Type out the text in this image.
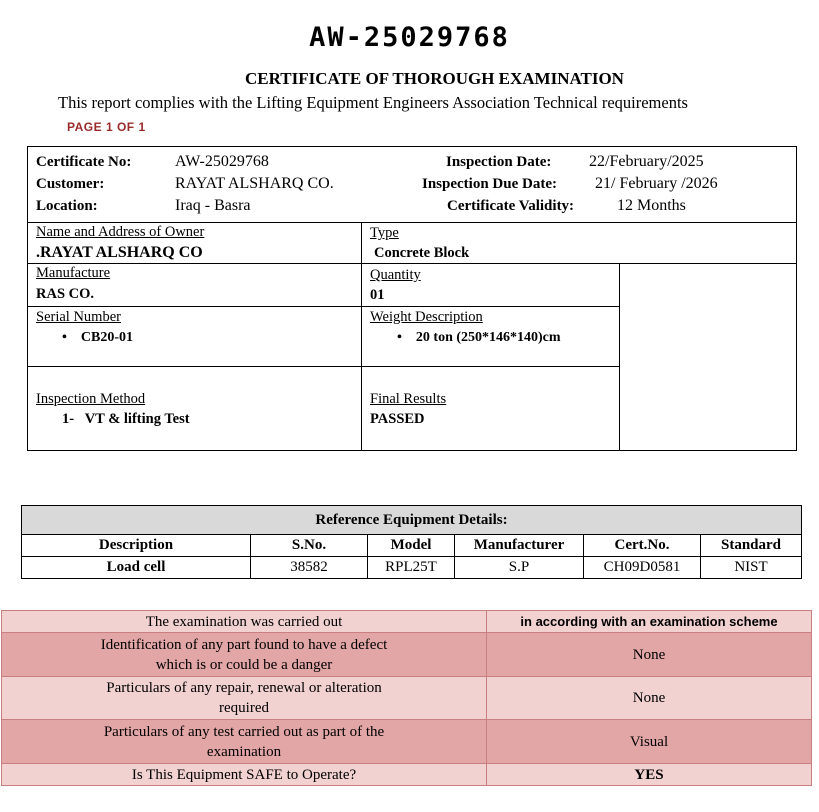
AW-25029768
CERTIFICATE OF THOROUGH EXAMINATION
This report complies with the Lifting Equipment Engineers Association Technical requirements
PAGE 1 OF 1
Certificate No:	AW-25029768
Customer:	RAYAT ALSHARQ CO.
Location:	Iraq - Basra
Inspection Date: 22/February/2025
Inspection Due Date: 21/ February /2026
Certificate Validity:	12 Months
Name and Address of Owner
.RAYAT ALSHARQ CO
Type
Concrete Block
Manufacture
RAS CO.
Quantity
01
Serial Number
•    CB20-01
Weight Description
•    20 ton (250*146*140)cm
Inspection Method
1-   VT & lifting Test
Final Results
PASSED
Reference Equipment Details:					
Description	S.No.	Model	Manufacturer	Cert.No.	Standard
Load cell	38582	RPL25T	S.P	CH09D0581	NIST
The examination was carried out	in according with an examination scheme
Identification of any part found to have a defect which is or could be a danger	None
Particulars of any repair, renewal or alteration required	None
Particulars of any test carried out as part of the examination	Visual
Is This Equipment SAFE to Operate?	YES
